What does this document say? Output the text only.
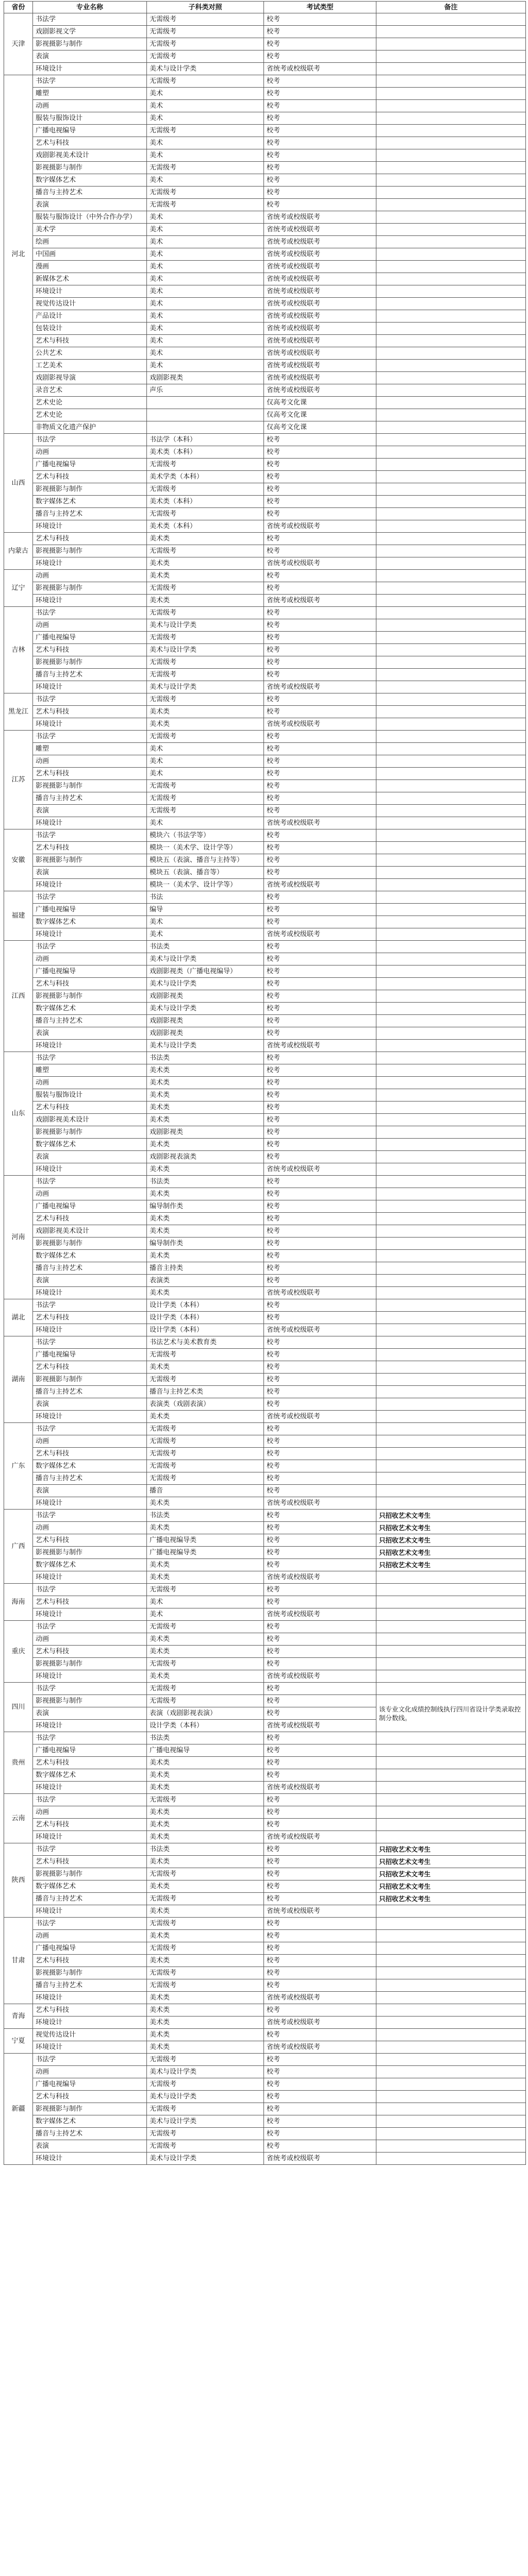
省份	专业名称	子科类对照	考试类型	备注
天津	书法学	无需级考	校考	
	戏剧影视文学	无需级考	校考	
	影视摄影与制作	无需级考	校考	
	表演	无需级考	校考	
	环境设计	美术与设计学类	省统考或校级联考	
河北	书法学	无需级考	校考	
	雕塑	美术	校考	
	动画	美术	校考	
	服装与服饰设计	美术	校考	
	广播电视编导	无需级考	校考	
	艺术与科技	美术	校考	
	戏剧影视美术设计	美术	校考	
	影视摄影与制作	无需级考	校考	
	数字媒体艺术	美术	校考	
	播音与主持艺术	无需级考	校考	
	表演	无需级考	校考	
	服装与服饰设计（中外合作办学）	美术	省统考或校级联考	
	美术学	美术	省统考或校级联考	
	绘画	美术	省统考或校级联考	
	中国画	美术	省统考或校级联考	
	漫画	美术	省统考或校级联考	
	新媒体艺术	美术	省统考或校级联考	
	环境设计	美术	省统考或校级联考	
	视觉传达设计	美术	省统考或校级联考	
	产品设计	美术	省统考或校级联考	
	包装设计	美术	省统考或校级联考	
	艺术与科技	美术	省统考或校级联考	
	公共艺术	美术	省统考或校级联考	
	工艺美术	美术	省统考或校级联考	
	戏剧影视导演	戏剧影视类	省统考或校级联考	
	录音艺术	声乐	省统考或校级联考	
	艺术史论		仅高考文化课	
	艺术史论		仅高考文化课	
	非物质文化遗产保护		仅高考文化课	
山西	书法学	书法学（本科）	校考	
	动画	美术类（本科）	校考	
	广播电视编导	无需级考	校考	
	艺术与科技	美术学类（本科）	校考	
	影视摄影与制作	无需级考	校考	
	数字媒体艺术	美术类（本科）	校考	
	播音与主持艺术	无需级考	校考	
	环境设计	美术类（本科）	省统考或校级联考	
内蒙古	艺术与科技	美术类	校考	
	影视摄影与制作	无需级考	校考	
	环境设计	美术类	省统考或校级联考	
辽宁	动画	美术类	校考	
	影视摄影与制作	无需级考	校考	
	环境设计	美术类	省统考或校级联考	
吉林	书法学	无需级考	校考	
	动画	美术与设计学类	校考	
	广播电视编导	无需级考	校考	
	艺术与科技	美术与设计学类	校考	
	影视摄影与制作	无需级考	校考	
	播音与主持艺术	无需级考	校考	
	环境设计	美术与设计学类	省统考或校级联考	
黑龙江	书法学	无需级考	校考	
	艺术与科技	美术类	校考	
	环境设计	美术类	省统考或校级联考	
江苏	书法学	无需级考	校考	
	雕塑	美术	校考	
	动画	美术	校考	
	艺术与科技	美术	校考	
	影视摄影与制作	无需级考	校考	
	播音与主持艺术	无需级考	校考	
	表演	无需级考	校考	
	环境设计	美术	省统考或校级联考	
安徽	书法学	模块六（书法学等）	校考	
	艺术与科技	模块一（美术学、设计学等）	校考	
	影视摄影与制作	模块五（表演、播音与主持等）	校考	
	表演	模块五（表演、播音等）	校考	
	环境设计	模块一（美术学、设计学等）	省统考或校级联考	
福建	书法学	书法	校考	
	广播电视编导	编导	校考	
	数字媒体艺术	美术	校考	
	环境设计	美术	省统考或校级联考	
江西	书法学	书法类	校考	
	动画	美术与设计学类	校考	
	广播电视编导	戏剧影视类（广播电视编导）	校考	
	艺术与科技	美术与设计学类	校考	
	影视摄影与制作	戏剧影视类	校考	
	数字媒体艺术	美术与设计学类	校考	
	播音与主持艺术	戏剧影视类	校考	
	表演	戏剧影视类	校考	
	环境设计	美术与设计学类	省统考或校级联考	
山东	书法学	书法类	校考	
	雕塑	美术类	校考	
	动画	美术类	校考	
	服装与服饰设计	美术类	校考	
	艺术与科技	美术类	校考	
	戏剧影视美术设计	美术类	校考	
	影视摄影与制作	戏剧影视类	校考	
	数字媒体艺术	美术类	校考	
	表演	戏剧影视表演类	校考	
	环境设计	美术类	省统考或校级联考	
河南	书法学	书法类	校考	
	动画	美术类	校考	
	广播电视编导	编导制作类	校考	
	艺术与科技	美术类	校考	
	戏剧影视美术设计	美术类	校考	
	影视摄影与制作	编导制作类	校考	
	数字媒体艺术	美术类	校考	
	播音与主持艺术	播音主持类	校考	
	表演	表演类	校考	
	环境设计	美术类	省统考或校级联考	
湖北	书法学	设计学类（本科）	校考	
	艺术与科技	设计学类（本科）	校考	
	环境设计	设计学类（本科）	省统考或校级联考	
湖南	书法学	书法艺术与美术教育类	校考	
	广播电视编导	无需级考	校考	
	艺术与科技	美术类	校考	
	影视摄影与制作	无需级考	校考	
	播音与主持艺术	播音与主持艺术类	校考	
	表演	表演类（戏剧表演）	校考	
	环境设计	美术类	省统考或校级联考	
广东	书法学	无需级考	校考	
	动画	无需级考	校考	
	艺术与科技	无需级考	校考	
	数字媒体艺术	无需级考	校考	
	播音与主持艺术	无需级考	校考	
	表演	播音	校考	
	环境设计	美术类	省统考或校级联考	
广西	书法学	书法类	校考	只招收艺术文考生
	动画	美术类	校考	只招收艺术文考生
	艺术与科技	广播电视编导类	校考	只招收艺术文考生
	影视摄影与制作	广播电视编导类	校考	只招收艺术文考生
	数字媒体艺术	美术类	校考	只招收艺术文考生
	环境设计	美术类	省统考或校级联考	
海南	书法学	无需级考	校考	
	艺术与科技	美术	校考	
	环境设计	美术	省统考或校级联考	
重庆	书法学	无需级考	校考	
	动画	美术类	校考	
	艺术与科技	美术类	校考	
	影视摄影与制作	无需级考	校考	
	环境设计	美术类	省统考或校级联考	
四川	书法学	无需级考	校考	
	影视摄影与制作	无需级考	校考	该专业文化成绩控制线执行四川省设计学类录取控制分数线。
	表演	表演（戏剧影视表演）	校考	
	环境设计	设计学类（本科）	省统考或校级联考	
贵州	书法学	书法类	校考	
	广播电视编导	广播电视编导	校考	
	艺术与科技	美术类	校考	
	数字媒体艺术	美术类	校考	
	环境设计	美术类	省统考或校级联考	
云南	书法学	无需级考	校考	
	动画	美术类	校考	
	艺术与科技	美术类	校考	
	环境设计	美术类	省统考或校级联考	
陕西	书法学	书法类	校考	只招收艺术文考生
	艺术与科技	美术类	校考	只招收艺术文考生
	影视摄影与制作	无需级考	校考	只招收艺术文考生
	数字媒体艺术	美术类	校考	只招收艺术文考生
	播音与主持艺术	无需级考	校考	只招收艺术文考生
	环境设计	美术类	省统考或校级联考	
甘肃	书法学	无需级考	校考	
	动画	美术类	校考	
	广播电视编导	无需级考	校考	
	艺术与科技	美术类	校考	
	影视摄影与制作	无需级考	校考	
	播音与主持艺术	无需级考	校考	
	环境设计	美术类	省统考或校级联考	
青海	艺术与科技	美术类	校考	
	环境设计	美术类	省统考或校级联考	
宁夏	视觉传达设计	美术类	校考	
	环境设计	美术类	省统考或校级联考	
新疆	书法学	无需级考	校考	
	动画	美术与设计学类	校考	
	广播电视编导	无需级考	校考	
	艺术与科技	美术与设计学类	校考	
	影视摄影与制作	无需级考	校考	
	数字媒体艺术	美术与设计学类	校考	
	播音与主持艺术	无需级考	校考	
	表演	无需级考	校考	
	环境设计	美术与设计学类	省统考或校级联考	
